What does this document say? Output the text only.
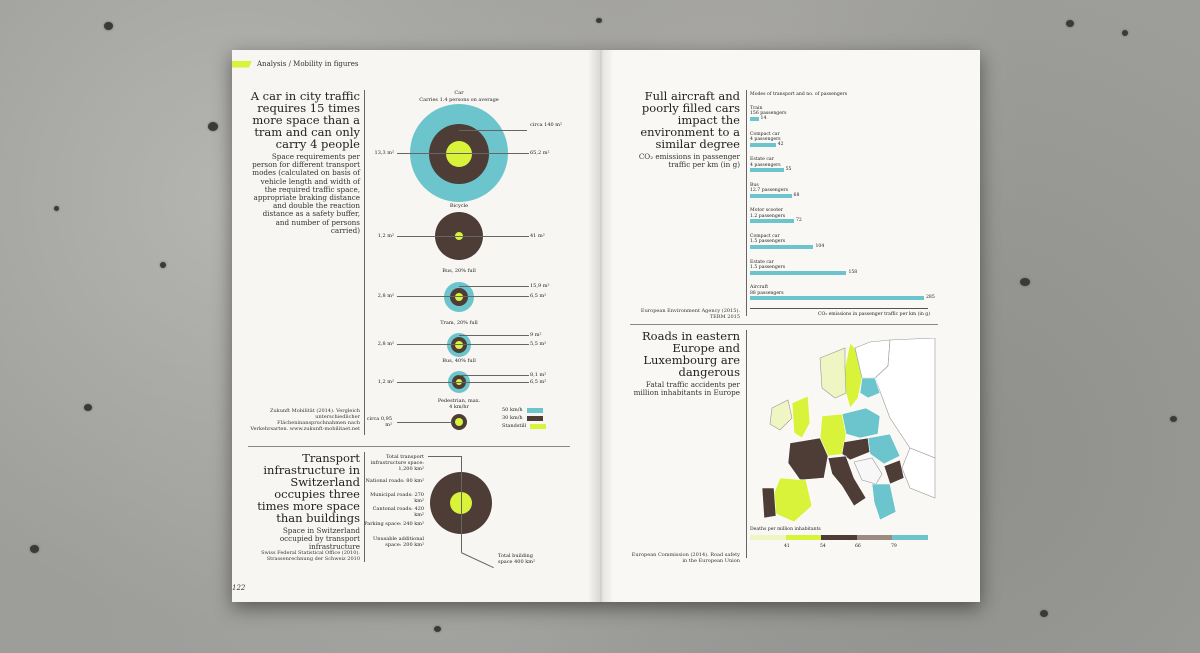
Analysis / Mobility in figures
A car in city traffic requires 15 times more space than a tram and can only carry 4 people
Space requirements per person for different transport modes (calculated on basis of vehicle length and width of the required traffic space, appropriate braking distance and double the reaction distance as a safety buffer, and number of persons carried)
Zukunft Mobilität (2014). Vergleich unterschiedlicher Flächeninanspruchnahmen nach Verkehrsarten. www.zukunft-mobilitaet.net
Car
Carries 1.4 persons on average
circa 140 m²
13,3 m²	65,2 m²
Bicycle
1,2 m²	41 m²
Bus, 20% full
15,9 m²
2,8 m²	6,5 m²
Tram, 20% full
9 m²
2,8 m²	5,5 m²
Bus, 40% full
8,1 m²
1,2 m²	6,5 m²
Pedestrian, max. 4 km/hr
circa 0,95 m²
50 km/h
30 km/h
Standstill
Transport infrastructure in Switzerland occupies three times more space than buildings
Space in Switzerland occupied by transport infrastructure
Swiss Federal Statistical Office (2010). Strassenrechnung der Schweiz 2010
Total transport infrastructure space: 1,200 km²
National roads: 80 km²
Municipal roads: 270 km²
Cantonal roads: 420 km²
Parking space: 240 km²
Unusable additional space: 200 km²
Total building space 400 km²
122
Full aircraft and poorly filled cars impact the environment to a similar degree
CO₂ emissions in passenger traffic per km (in g)
European Environment Agency (2015). TERM 2015
Modes of transport and no. of passengers
Train
156 passengers
14
Compact car
4 passengers
42
Estate car
4 passengers
55
Bus
12.7 passengers
68
Motor scooter
1.2 passengers
72
Compact car
1.5 passengers
104
Estate car
1.5 passengers
158
Aircraft
88 passengers
285
CO₂ emissions in passenger traffic per km (in g)
Roads in eastern Europe and Luxembourg are dangerous
Fatal traffic accidents per million inhabitants in Europe
European Commission (2014). Road safety in the European Union
Deaths per million inhabitants
41	54	66	79
